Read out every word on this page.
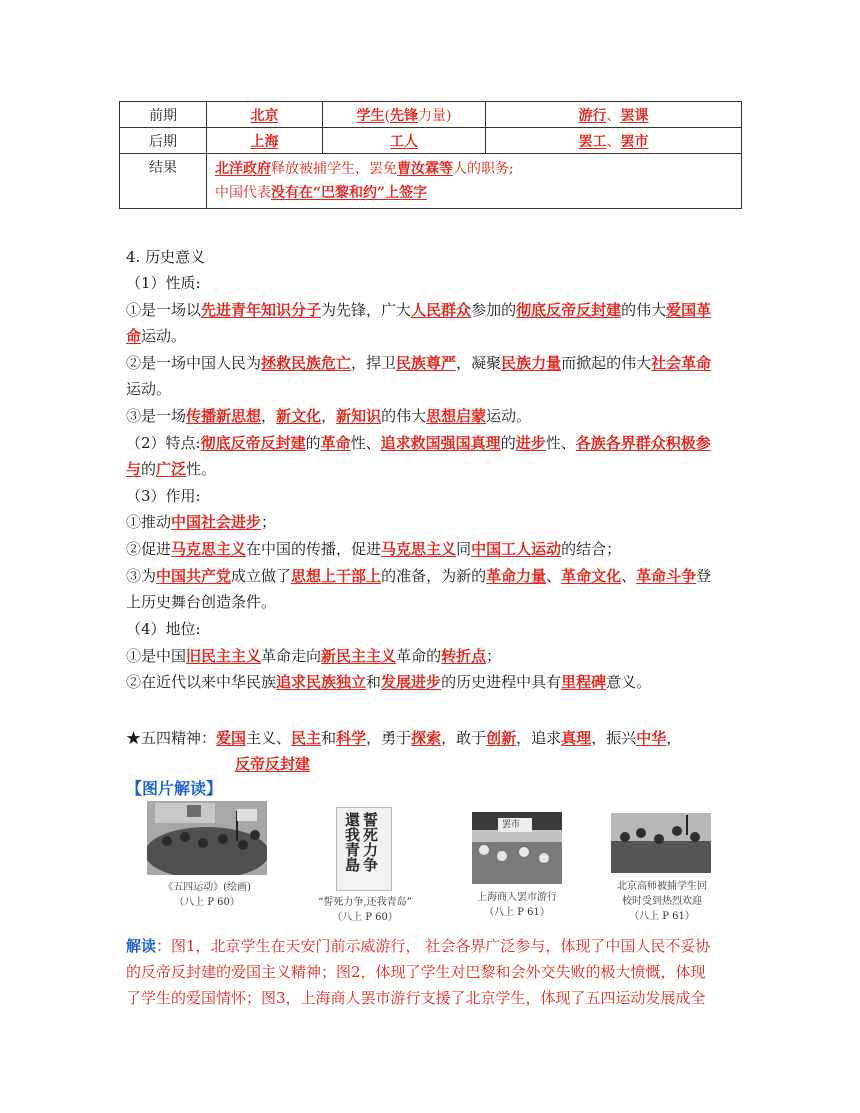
前期	北京	学生(先锋力量)	游行、罢课
后期	上海	工人	罢工、罢市
结果	北洋政府释放被捕学生，罢免曹汝霖等人的职务;
中国代表没有在“巴黎和约”上签字		
4. 历史意义
（1）性质:
①是一场以先进青年知识分子为先锋，广大人民群众参加的彻底反帝反封建的伟大爱国革
命运动。
②是一场中国人民为拯救民族危亡，捍卫民族尊严，凝聚民族力量而掀起的伟大社会革命
运动。
③是一场传播新思想，新文化，新知识的伟大思想启蒙运动。
（2）特点:彻底反帝反封建的革命性、追求救国强国真理的进步性、各族各界群众积极参
与的广泛性。
（3）作用:
①推动中国社会进步；
②促进马克思主义在中国的传播，促进马克思主义同中国工人运动的结合；
③为中国共产党成立做了思想上干部上的准备，为新的革命力量、革命文化、革命斗争登
上历史舞台创造条件。
（4）地位:
①是中国旧民主主义革命走向新民主主义革命的转折点；
②在近代以来中华民族追求民族独立和发展进步的历史进程中具有里程碑意义。
★五四精神：爱国主义、民主和科学，勇于探索，敢于创新，追求真理，振兴中华，
反帝反封建
【图片解读】
《五四运动》(绘画)
（八上 P 60）
誓死力争 還我青島
“誓死力争,还我青岛”
（八上 P 60）
罢市
上海商人罢市游行
（八上 P 61）
北京高师被捕学生回
校时受到热烈欢迎
（八上 P 61）
解读：图1，北京学生在天安门前示威游行， 社会各界广泛参与，体现了中国人民不妥协
的反帝反封建的爱国主义精神；图2，体现了学生对巴黎和会外交失败的极大愤慨，体现
了学生的爱国情怀；图3，上海商人罢市游行支援了北京学生，体现了五四运动发展成全
